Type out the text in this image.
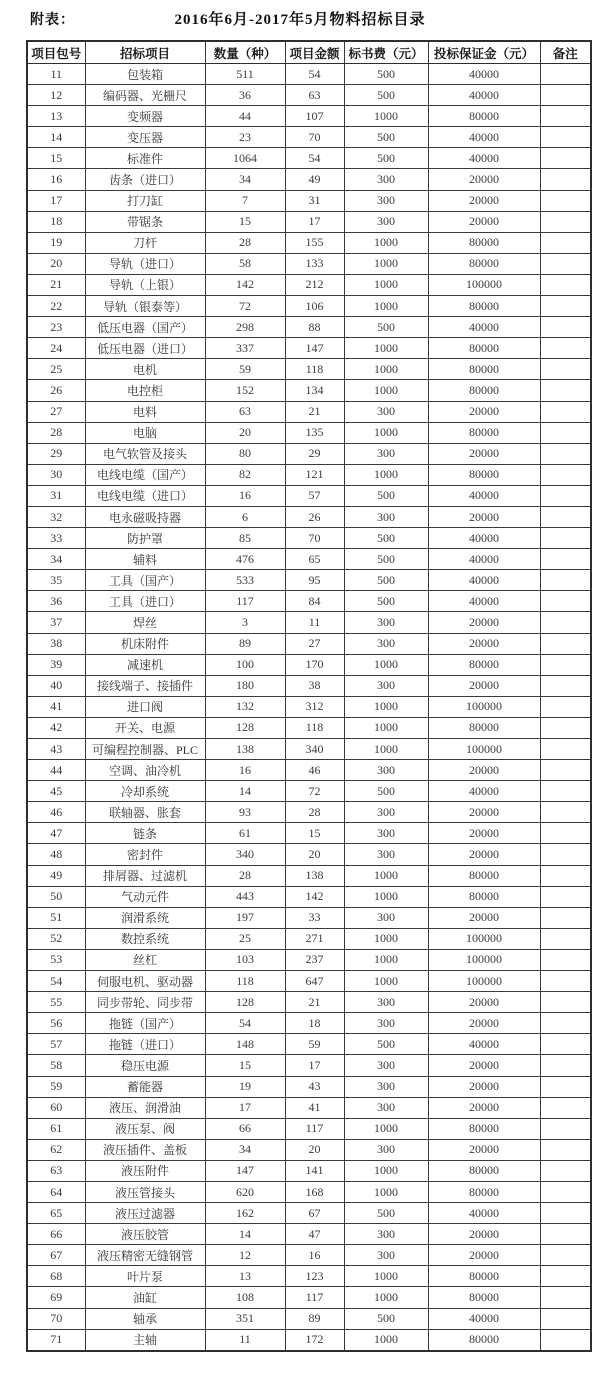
附表：	2016年6月-2017年5月物料招标目录
项目包号	招标项目	数量（种）	项目金额	标书费（元）	投标保证金（元）	备注
11	包装箱	511	54	500	40000	
12	编码器、光栅尺	36	63	500	40000	
13	变频器	44	107	1000	80000	
14	变压器	23	70	500	40000	
15	标准件	1064	54	500	40000	
16	齿条（进口）	34	49	300	20000	
17	打刀缸	7	31	300	20000	
18	带锯条	15	17	300	20000	
19	刀杆	28	155	1000	80000	
20	导轨（进口）	58	133	1000	80000	
21	导轨（上银）	142	212	1000	100000	
22	导轨（银泰等）	72	106	1000	80000	
23	低压电器（国产）	298	88	500	40000	
24	低压电器（进口）	337	147	1000	80000	
25	电机	59	118	1000	80000	
26	电控柜	152	134	1000	80000	
27	电料	63	21	300	20000	
28	电脑	20	135	1000	80000	
29	电气软管及接头	80	29	300	20000	
30	电线电缆（国产）	82	121	1000	80000	
31	电线电缆（进口）	16	57	500	40000	
32	电永磁吸持器	6	26	300	20000	
33	防护罩	85	70	500	40000	
34	辅料	476	65	500	40000	
35	工具（国产）	533	95	500	40000	
36	工具（进口）	117	84	500	40000	
37	焊丝	3	11	300	20000	
38	机床附件	89	27	300	20000	
39	减速机	100	170	1000	80000	
40	接线端子、接插件	180	38	300	20000	
41	进口阀	132	312	1000	100000	
42	开关、电源	128	118	1000	80000	
43	可编程控制器、PLC	138	340	1000	100000	
44	空调、油冷机	16	46	300	20000	
45	冷却系统	14	72	500	40000	
46	联轴器、胀套	93	28	300	20000	
47	链条	61	15	300	20000	
48	密封件	340	20	300	20000	
49	排屑器、过滤机	28	138	1000	80000	
50	气动元件	443	142	1000	80000	
51	润滑系统	197	33	300	20000	
52	数控系统	25	271	1000	100000	
53	丝杠	103	237	1000	100000	
54	伺服电机、驱动器	118	647	1000	100000	
55	同步带轮、同步带	128	21	300	20000	
56	拖链（国产）	54	18	300	20000	
57	拖链（进口）	148	59	500	40000	
58	稳压电源	15	17	300	20000	
59	蓄能器	19	43	300	20000	
60	液压、润滑油	17	41	300	20000	
61	液压泵、阀	66	117	1000	80000	
62	液压插件、盖板	34	20	300	20000	
63	液压附件	147	141	1000	80000	
64	液压管接头	620	168	1000	80000	
65	液压过滤器	162	67	500	40000	
66	液压胶管	14	47	300	20000	
67	液压精密无缝钢管	12	16	300	20000	
68	叶片泵	13	123	1000	80000	
69	油缸	108	117	1000	80000	
70	轴承	351	89	500	40000	
71	主轴	11	172	1000	80000	
